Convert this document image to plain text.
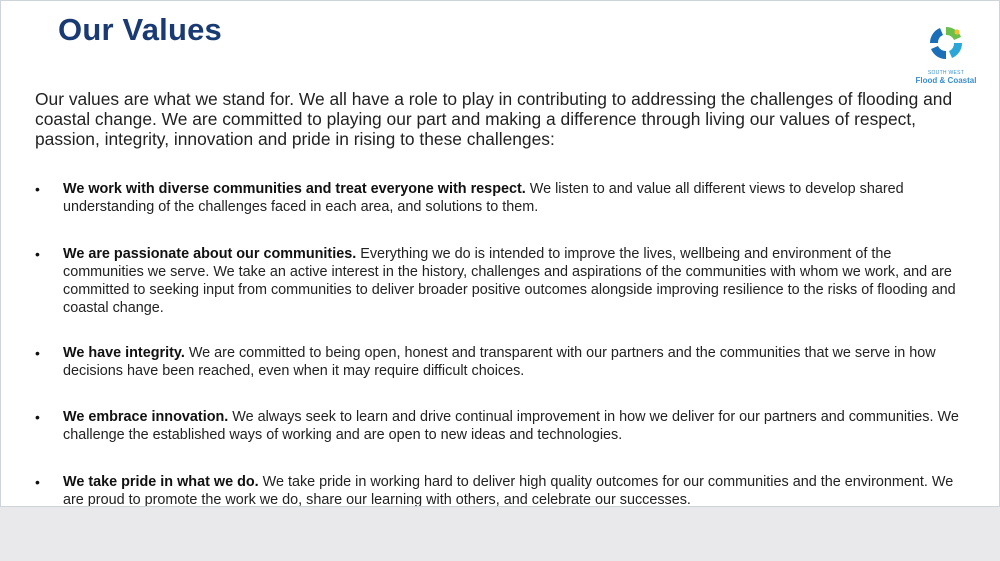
Our Values
SOUTH WEST
Flood & Coastal

Our values are what we stand for. We all have a role to play in contributing to addressing the challenges of flooding and coastal change. We are committed to playing our part and making a difference through living our values of respect, passion, integrity, innovation and pride in rising to these challenges:

• We work with diverse communities and treat everyone with respect. We listen to and value all different views to develop shared understanding of the challenges faced in each area, and solutions to them.

• We are passionate about our communities. Everything we do is intended to improve the lives, wellbeing and environment of the communities we serve. We take an active interest in the history, challenges and aspirations of the communities with whom we work, and are committed to seeking input from communities to deliver broader positive outcomes alongside improving resilience to the risks of flooding and coastal change.

• We have integrity. We are committed to being open, honest and transparent with our partners and the communities that we serve in how decisions have been reached, even when it may require difficult choices.

• We embrace innovation. We always seek to learn and drive continual improvement in how we deliver for our partners and communities. We challenge the established ways of working and are open to new ideas and technologies.

• We take pride in what we do. We take pride in working hard to deliver high quality outcomes for our communities and the environment. We are proud to promote the work we do, share our learning with others, and celebrate our successes.
